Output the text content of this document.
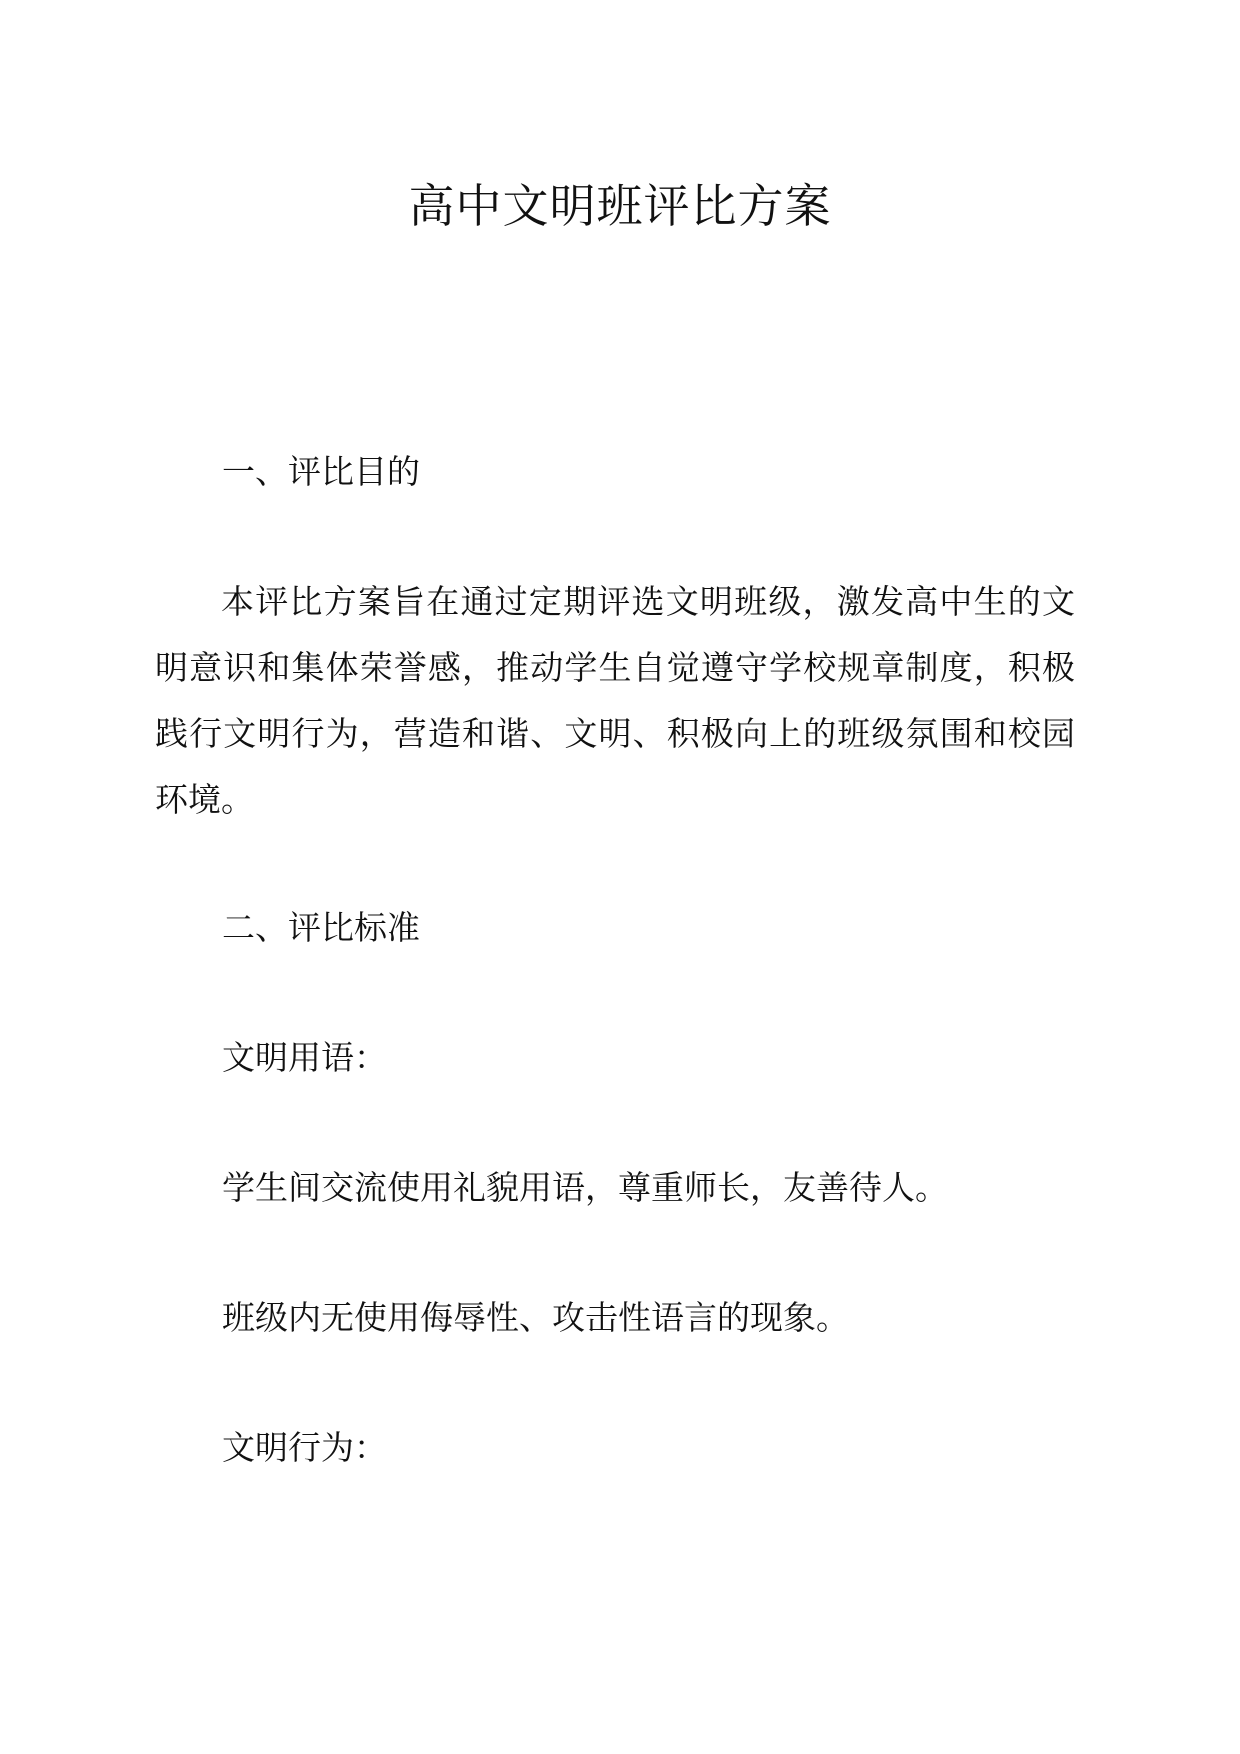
高中文明班评比方案
一、评比目的

本评比方案旨在通过定期评选文明班级，激发高中生的文明意识和集体荣誉感，推动学生自觉遵守学校规章制度，积极践行文明行为，营造和谐、文明、积极向上的班级氛围和校园环境。

二、评比标准

文明用语：

学生间交流使用礼貌用语，尊重师长，友善待人。

班级内无使用侮辱性、攻击性语言的现象。

文明行为：
